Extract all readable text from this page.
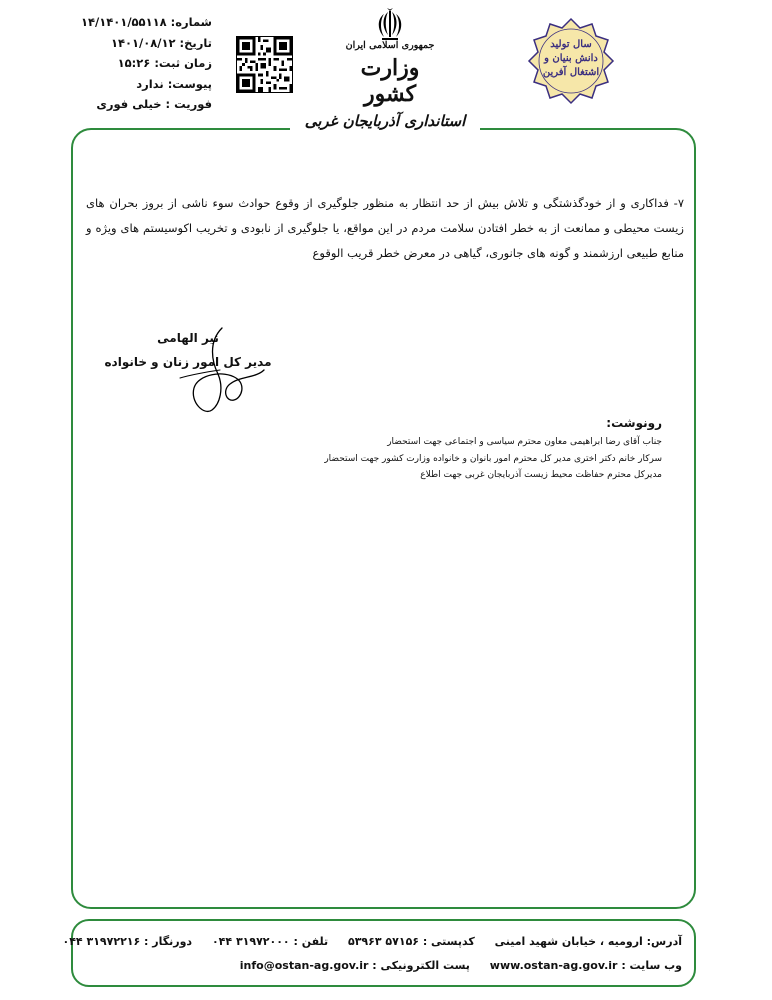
شماره:۱۴/۱۴۰۱/۵۵۱۱۸
تاریخ:۱۴۰۱/۰۸/۱۲
زمان ثبت:۱۵:۲۶
پیوست:ندارد
فوریت :خیلی فوری
جمهوری اسلامی ایران
وزارت کشور
سال تولید
دانش بنیان و
اشتغال آفرین
استانداری آذربایجان غربی
۷- فداکاری و از خودگذشتگی و تلاش بیش از حد انتظار به منظور جلوگیری از وقوع حوادث سوء ناشی از بروز بحران های زیست محیطی و ممانعت از به خطر افتادن سلامت مردم در این مواقع، یا جلوگیری از نابودی و تخریب اکوسیستم های ویژه و منابع طبیعی ارزشمند و گونه های جانوری، گیاهی در معرض خطر قریب الوقوع
نیر الهامی
مدیر کل امور زنان و خانواده
رونوشت:
جناب آقای رضا ابراهیمی معاون محترم سیاسی و اجتماعی جهت استحضار
سرکار خانم دکتر اختری مدیر کل محترم امور بانوان و خانواده وزارت کشور جهت استحضار
مدیرکل محترم حفاظت محیط زیست آذربایجان غربی جهت اطلاع
آدرس: ارومیه ، خیابان شهید امینی کدپستی : ۵۷۱۵۶ ۵۳۹۶۳ تلفن : ۳۱۹۷۲۰۰۰ ۰۴۴ دورنگار : ۳۱۹۷۲۲۱۶ ۰۴۴
وب سایت : www.ostan-ag.gov.ir پست الکترونیکی : info@ostan-ag.gov.ir
